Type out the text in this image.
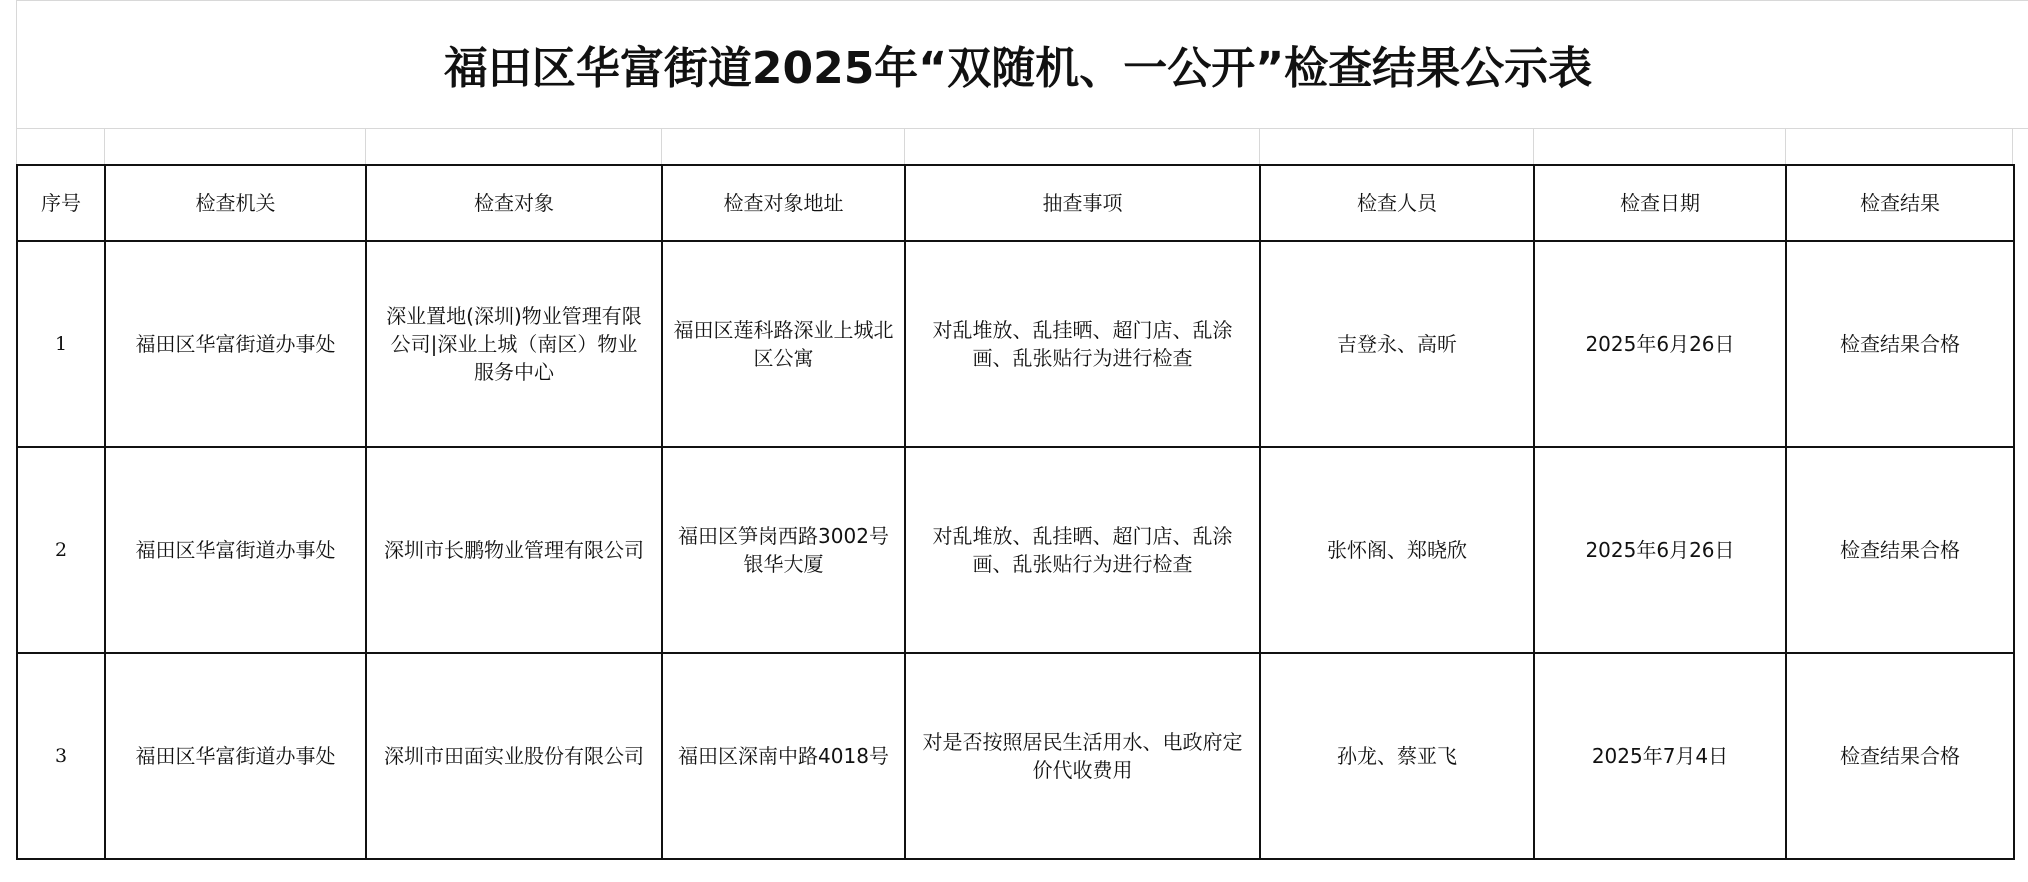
福田区华富街道2025年“双随机、一公开”检查结果公示表
序号	检查机关	检查对象	检查对象地址	抽查事项	检查人员	检查日期	检查结果
1	福田区华富街道办事处	深业置地(深圳)物业管理有限公司|深业上城（南区）物业服务中心	福田区莲科路深业上城北区公寓	对乱堆放、乱挂晒、超门店、乱涂画、乱张贴行为进行检查	吉登永、高昕	2025年6月26日	检查结果合格
2	福田区华富街道办事处	深圳市长鹏物业管理有限公司	福田区笋岗西路3002号银华大厦	对乱堆放、乱挂晒、超门店、乱涂画、乱张贴行为进行检查	张怀阁、郑晓欣	2025年6月26日	检查结果合格
3	福田区华富街道办事处	深圳市田面实业股份有限公司	福田区深南中路4018号	对是否按照居民生活用水、电政府定价代收费用	孙龙、蔡亚飞	2025年7月4日	检查结果合格
